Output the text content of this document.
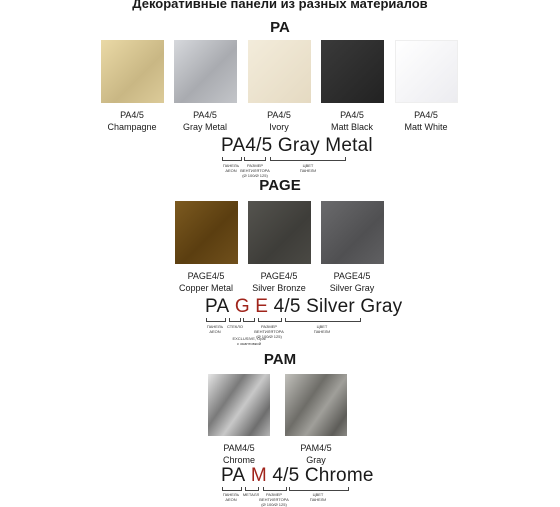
Декоративные панели из разных материалов
PA
PA4/5
Champagne
PA4/5
Gray Metal
PA4/5
Ivory
PA4/5
Matt Black
PA4/5
Matt White
PA4/5 Gray Metal
ПАНЕЛЬ AEON
РАЗМЕР ВЕНТИЛЯТОРА (Ø 100/Ø 125)
ЦВЕТ ПАНЕЛИ
PAGE
PAGE4/5
Copper Metal
PAGE4/5
Silver Bronze
PAGE4/5
Silver Gray
PA G E 4/5 Silver Gray
ПАНЕЛЬ AEON
СТЕКЛО
EXCLUSIVE, Opal с окантовкой
РАЗМЕР ВЕНТИЛЯТОРА (Ø 100/Ø 125)
ЦВЕТ ПАНЕЛИ
PAM
PAM4/5
Chrome
PAM4/5
Gray
PA M 4/5 Chrome
ПАНЕЛЬ AEON
МЕТАЛЛ	РАЗМЕР ВЕНТИЛЯТОРА (Ø 100/Ø 125)
ЦВЕТ ПАНЕЛИ
